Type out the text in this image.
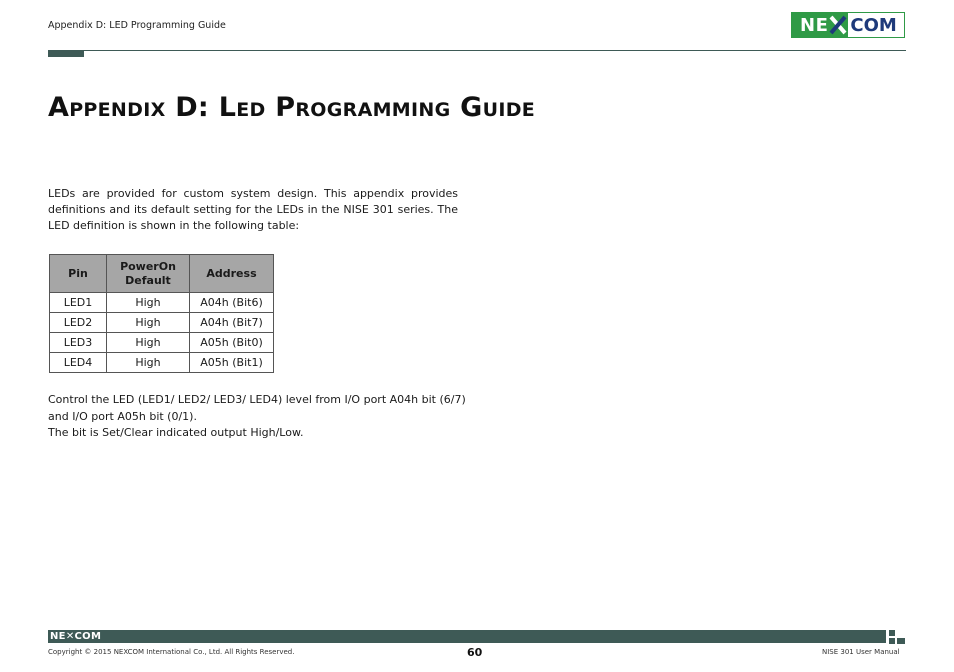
Appendix D: LED Programming Guide	NE COM
Appendix D: Led Programming Guide
LEDs are provided for custom system design. This appendix provides definitions and its default setting for the LEDs in the NISE 301 series. The LED definition is shown in the following table:
Pin	PowerOn Default	Address
LED1	High	A04h (Bit6)
LED2	High	A04h (Bit7)
LED3	High	A05h (Bit0)
LED4	High	A05h (Bit1)
Control the LED (LED1/ LED2/ LED3/ LED4) level from I/O port A04h bit (6/7) and I/O port A05h bit (0/1).
The bit is Set/Clear indicated output High/Low.
NE✕COM
Copyright © 2015 NEXCOM International Co., Ltd. All Rights Reserved.	60	NISE 301 User Manual
